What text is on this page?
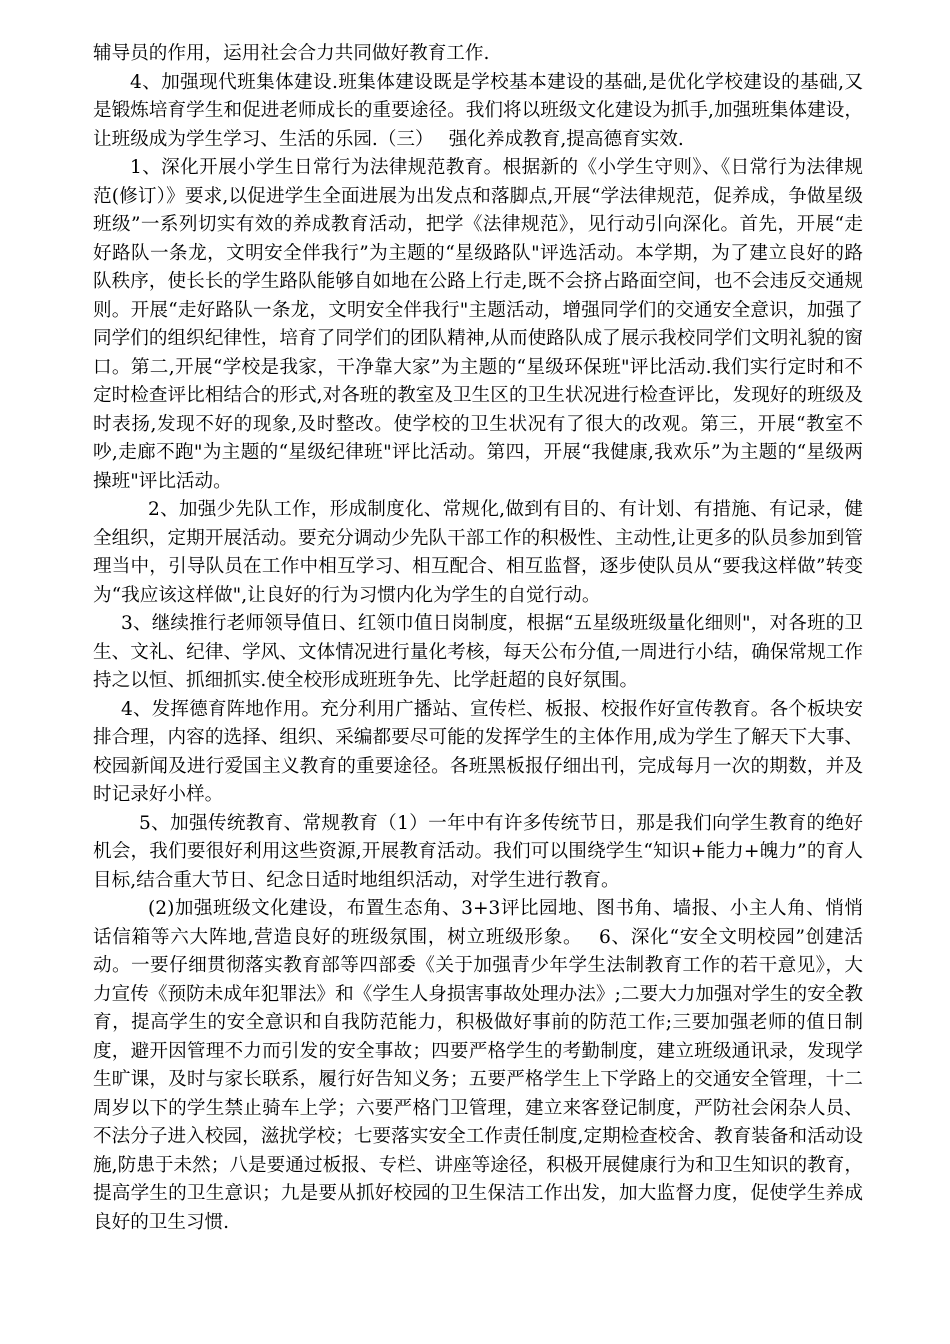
辅导员的作用，运用社会合力共同做好教育工作.

4、加强现代班集体建设.班集体建设既是学校基本建设的基础,是优化学校建设的基础,又是锻炼培育学生和促进老师成长的重要途径。我们将以班级文化建设为抓手,加强班集体建设，让班级成为学生学习、生活的乐园.（三）　 强化养成教育,提高德育实效.

1、深化开展小学生日常行为法律规范教育。根据新的《小学生守则》、《日常行为法律规范(修订）》要求,以促进学生全面进展为出发点和落脚点,开展“学法律规范，促养成，争做星级班级”一系列切实有效的养成教育活动，把学《法律规范》，见行动引向深化。首先，开展“走好路队一条龙，文明安全伴我行”为主题的“星级路队"评选活动。本学期，为了建立良好的路队秩序，使长长的学生路队能够自如地在公路上行走,既不会挤占路面空间，也不会违反交通规则。开展“走好路队一条龙，文明安全伴我行"主题活动，增强同学们的交通安全意识，加强了同学们的组织纪律性，培育了同学们的团队精神,从而使路队成了展示我校同学们文明礼貌的窗口。第二,开展“学校是我家，干净靠大家”为主题的“星级环保班"评比活动.我们实行定时和不定时检查评比相结合的形式,对各班的教室及卫生区的卫生状况进行检查评比，发现好的班级及时表扬,发现不好的现象,及时整改。使学校的卫生状况有了很大的改观。第三，开展“教室不吵,走廊不跑"为主题的“星级纪律班"评比活动。第四，开展“我健康,我欢乐”为主题的“星级两操班"评比活动。

2、加强少先队工作，形成制度化、常规化,做到有目的、有计划、有措施、有记录，健全组织，定期开展活动。要充分调动少先队干部工作的积极性、主动性,让更多的队员参加到管理当中，引导队员在工作中相互学习、相互配合、相互监督，逐步使队员从“要我这样做”转变为“我应该这样做",让良好的行为习惯内化为学生的自觉行动。

3、继续推行老师领导值日、红领巾值日岗制度，根据“五星级班级量化细则"，对各班的卫生、文礼、纪律、学风、文体情况进行量化考核，每天公布分值,一周进行小结，确保常规工作持之以恒、抓细抓实.使全校形成班班争先、比学赶超的良好氛围。

4、发挥德育阵地作用。充分利用广播站、宣传栏、板报、校报作好宣传教育。各个板块安排合理，内容的选择、组织、采编都要尽可能的发挥学生的主体作用,成为学生了解天下大事、校园新闻及进行爱国主义教育的重要途径。各班黑板报仔细出刊，完成每月一次的期数，并及时记录好小样。

5、加强传统教育、常规教育（1）一年中有许多传统节日，那是我们向学生教育的绝好机会，我们要很好利用这些资源,开展教育活动。我们可以围绕学生“知识+能力+魄力”的育人目标,结合重大节日、纪念日适时地组织活动，对学生进行教育。

(2)加强班级文化建设，布置生态角、3+3评比园地、图书角、墙报、小主人角、悄悄话信箱等六大阵地,营造良好的班级氛围，树立班级形象。　 6、深化“安全文明校园”创建活动。一要仔细贯彻落实教育部等四部委《关于加强青少年学生法制教育工作的若干意见》，大力宣传《预防未成年犯罪法》和《学生人身损害事故处理办法》;二要大力加强对学生的安全教育，提高学生的安全意识和自我防范能力，积极做好事前的防范工作;三要加强老师的值日制度，避开因管理不力而引发的安全事故；四要严格学生的考勤制度，建立班级通讯录，发现学生旷课，及时与家长联系，履行好告知义务；五要严格学生上下学路上的交通安全管理，十二周岁以下的学生禁止骑车上学；六要严格门卫管理，建立来客登记制度，严防社会闲杂人员、不法分子进入校园，滋扰学校；七要落实安全工作责任制度,定期检查校舍、教育装备和活动设施,防患于未然；八是要通过板报、专栏、讲座等途径，积极开展健康行为和卫生知识的教育，提高学生的卫生意识；九是要从抓好校园的卫生保洁工作出发，加大监督力度，促使学生养成良好的卫生习惯.
